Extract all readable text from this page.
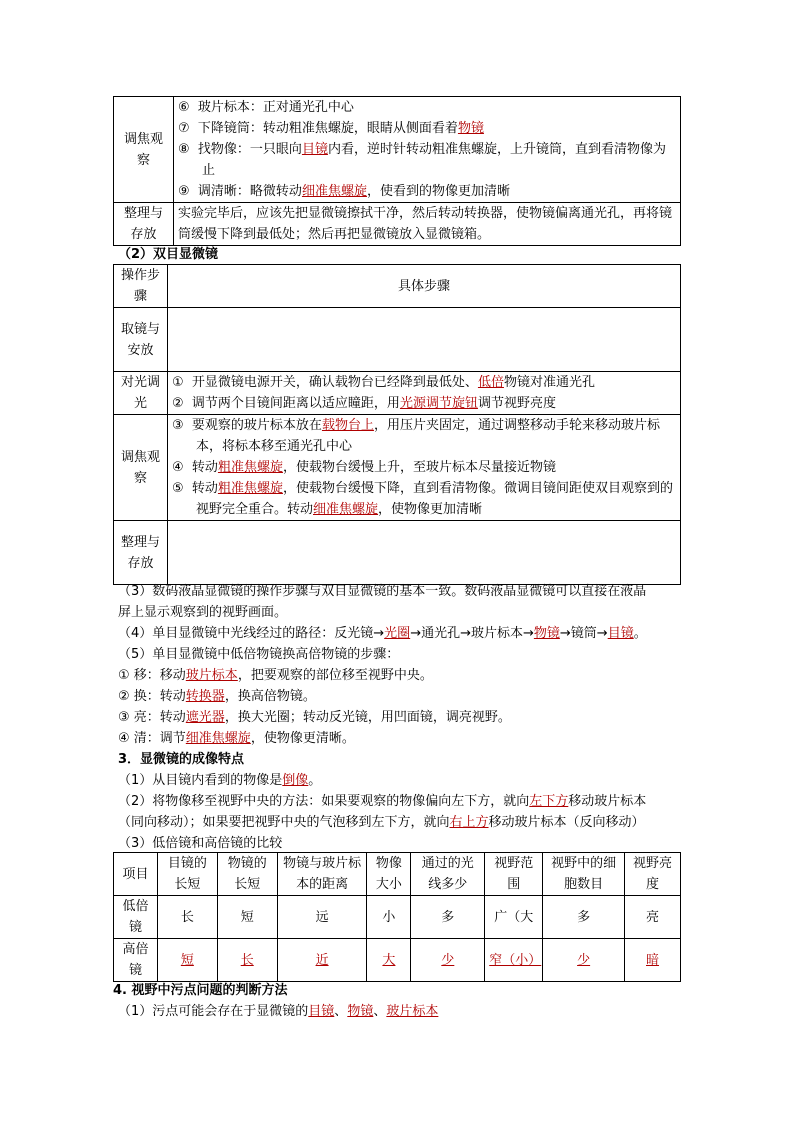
调焦观察	⑥ 玻片标本：正对通光孔中心
⑦ 下降镜筒：转动粗准焦螺旋，眼睛从侧面看着物镜
⑧ 找物像：一只眼向目镜内看，逆时针转动粗准焦螺旋，上升镜筒，直到看清物像为止
⑨ 调清晰：略微转动细准焦螺旋，使看到的物像更加清晰

整理与存放	实验完毕后，应该先把显微镜擦拭干净，然后转动转换器，使物镜偏离通光孔，再将镜筒缓慢下降到最低处；然后再把显微镜放入显微镜箱。
（2）双目显微镜
操作步骤	具体步骤
取镜与安放	
对光调光	① 开显微镜电源开关，确认载物台已经降到最低处、低倍物镜对准通光孔
② 调节两个目镜间距离以适应瞳距，用光源调节旋钮调节视野亮度

调焦观察	③ 要观察的玻片标本放在载物台上，用压片夹固定，通过调整移动手轮来移动玻片标本，将标本移至通光孔中心
④ 转动粗准焦螺旋，使载物台缓慢上升，至玻片标本尽量接近物镜
⑤ 转动粗准焦螺旋，使载物台缓慢下降，直到看清物像。微调目镜间距使双目观察到的视野完全重合。转动细准焦螺旋，使物像更加清晰

整理与存放	
（3）数码液晶显微镜的操作步骤与双目显微镜的基本一致。数码液晶显微镜可以直接在液晶
屏上显示观察到的视野画面。
（4）单目显微镜中光线经过的路径：反光镜→光圈→通光孔→玻片标本→物镜→镜筒→目镜。
（5）单目显微镜中低倍物镜换高倍物镜的步骤：
① 移：移动玻片标本，把要观察的部位移至视野中央。
② 换：转动转换器，换高倍物镜。
③ 亮：转动遮光器，换大光圈；转动反光镜，用凹面镜，调亮视野。
④ 清：调节细准焦螺旋，使物像更清晰。
3．显微镜的成像特点
（1）从目镜内看到的物像是倒像。
（2）将物像移至视野中央的方法：如果要观察的物像偏向左下方，就向左下方移动玻片标本
（同向移动）；如果要把视野中央的气泡移到左下方，就向右上方移动玻片标本（反向移动）
（3）低倍镜和高倍镜的比较
项目	目镜的长短	物镜的长短	物镜与玻片标本的距离	物像大小	通过的光线多少	视野范围	视野中的细胞数目	视野亮度
低倍镜	长	短	远	小	多	广（大	多	亮
高倍镜	短	长	近	大	少	窄（小）	少	暗
4. 视野中污点问题的判断方法
（1）污点可能会存在于显微镜的目镜、物镜、玻片标本
